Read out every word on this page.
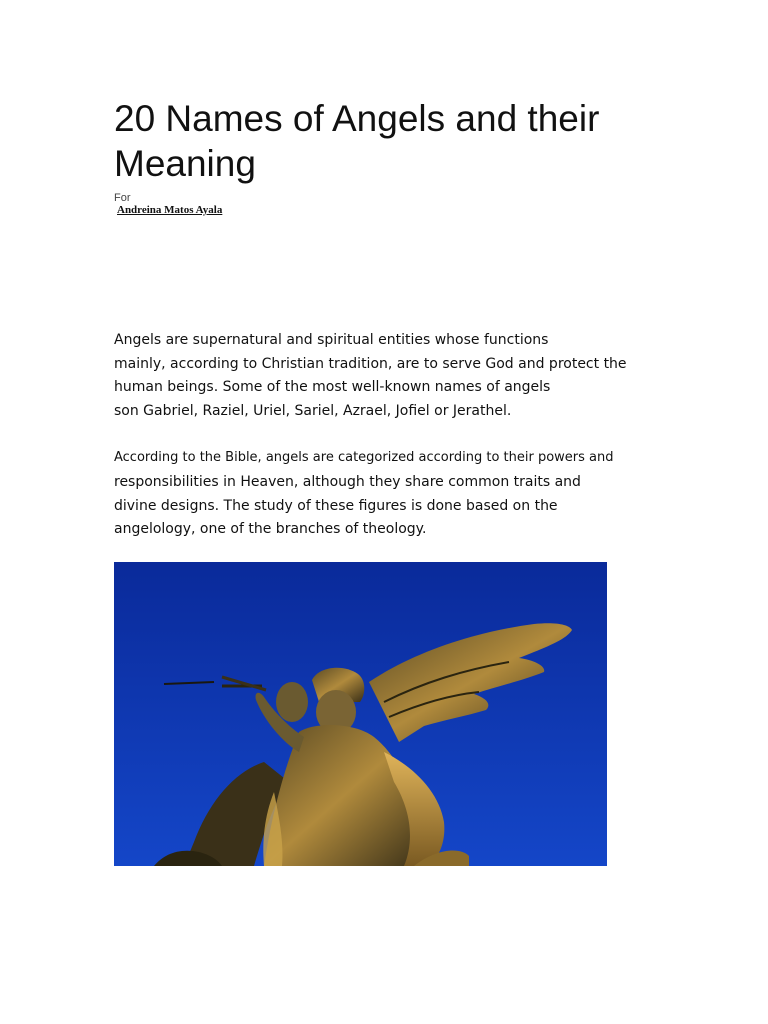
20 Names of Angels and their Meaning
For
Andreina Matos Ayala
Angels are supernatural and spiritual entities whose functions
mainly, according to Christian tradition, are to serve God and protect the
human beings. Some of the most well-known names of angels
son Gabriel, Raziel, Uriel, Sariel, Azrael, Jofiel or Jerathel.
According to the Bible, angels are categorized according to their powers and
responsibilities in Heaven, although they share common traits and
divine designs. The study of these figures is done based on the
angelology, one of the branches of theology.
